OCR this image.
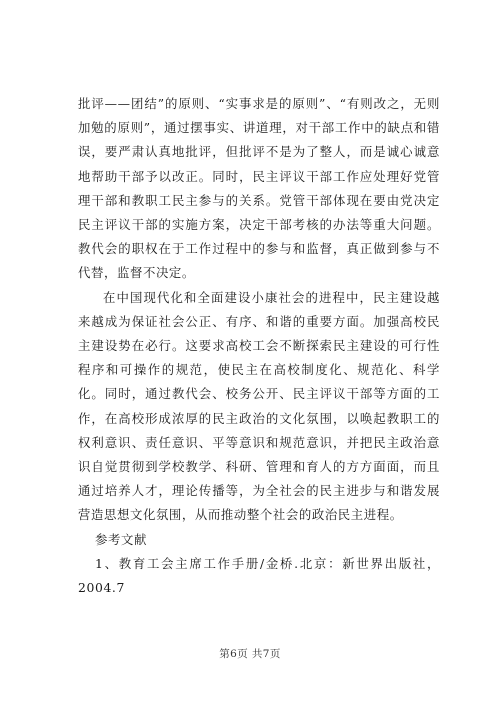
批评——团结”的原则、“实事求是的原则”、“有则改之，无则加勉的原则”，通过摆事实、讲道理，对干部工作中的缺点和错误，要严肃认真地批评，但批评不是为了整人，而是诚心诚意地帮助干部予以改正。同时，民主评议干部工作应处理好党管理干部和教职工民主参与的关系。党管干部体现在要由党决定民主评议干部的实施方案，决定干部考核的办法等重大问题。教代会的职权在于工作过程中的参与和监督，真正做到参与不代替，监督不决定。

在中国现代化和全面建设小康社会的进程中，民主建设越来越成为保证社会公正、有序、和谐的重要方面。加强高校民主建设势在必行。这要求高校工会不断探索民主建设的可行性程序和可操作的规范，使民主在高校制度化、规范化、科学化。同时，通过教代会、校务公开、民主评议干部等方面的工作，在高校形成浓厚的民主政治的文化氛围，以唤起教职工的权利意识、责任意识、平等意识和规范意识，并把民主政治意识自觉贯彻到学校教学、科研、管理和育人的方方面面，而且通过培养人才，理论传播等，为全社会的民主进步与和谐发展营造思想文化氛围，从而推动整个社会的政治民主进程。

参考文献

1、教育工会主席工作手册/金桥.北京：新世界出版社，2004.7

第6页 共7页
